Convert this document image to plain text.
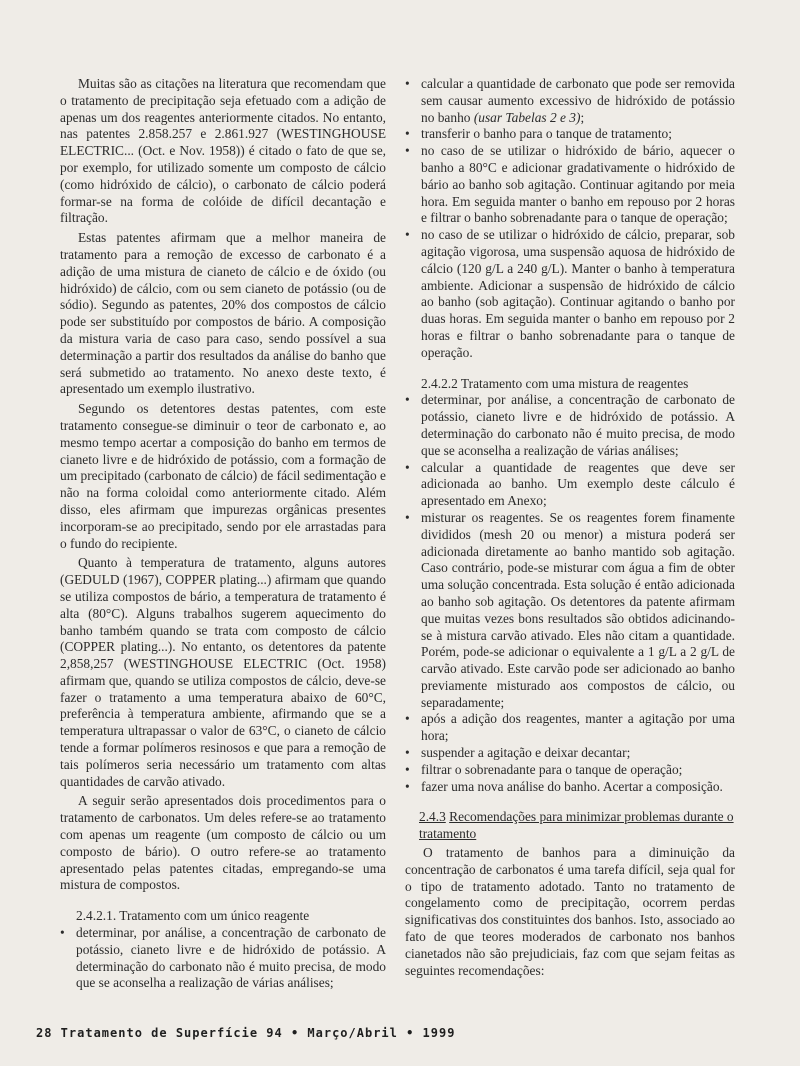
Muitas são as citações na literatura que recomendam que o tratamento de precipitação seja efetuado com a adição de apenas um dos reagentes anteriormente citados. No entanto, nas patentes 2.858.257 e 2.861.927 (WESTINGHOUSE ELECTRIC... (Oct. e Nov. 1958)) é citado o fato de que se, por exemplo, for utilizado somente um composto de cálcio (como hidróxido de cálcio), o carbonato de cálcio poderá formar-se na forma de colóide de difícil decantação e filtração.

Estas patentes afirmam que a melhor maneira de tratamento para a remoção de excesso de carbonato é a adição de uma mistura de cianeto de cálcio e de óxido (ou hidróxido) de cálcio, com ou sem cianeto de potássio (ou de sódio). Segundo as patentes, 20% dos compostos de cálcio pode ser substituído por compostos de bário. A composição da mistura varia de caso para caso, sendo possível a sua determinação a partir dos resultados da análise do banho que será submetido ao tratamento. No anexo deste texto, é apresentado um exemplo ilustrativo.

Segundo os detentores destas patentes, com este tratamento consegue-se diminuir o teor de carbonato e, ao mesmo tempo acertar a composição do banho em termos de cianeto livre e de hidróxido de potássio, com a formação de um precipitado (carbonato de cálcio) de fácil sedimentação e não na forma coloidal como anteriormente citado. Além disso, eles afirmam que impurezas orgânicas presentes incorporam-se ao precipitado, sendo por ele arrastadas para o fundo do recipiente.

Quanto à temperatura de tratamento, alguns autores (GEDULD (1967), COPPER plating...) afirmam que quando se utiliza compostos de bário, a temperatura de tratamento é alta (80°C). Alguns trabalhos sugerem aquecimento do banho também quando se trata com composto de cálcio (COPPER plating...). No entanto, os detentores da patente 2,858,257 (WESTINGHOUSE ELECTRIC (Oct. 1958) afirmam que, quando se utiliza compostos de cálcio, deve-se fazer o tratamento a uma temperatura abaixo de 60°C, preferência à temperatura ambiente, afirmando que se a temperatura ultrapassar o valor de 63°C, o cianeto de cálcio tende a formar polímeros resinosos e que para a remoção de tais polímeros seria necessário um tratamento com altas quantidades de carvão ativado.

A seguir serão apresentados dois procedimentos para o tratamento de carbonatos. Um deles refere-se ao tratamento com apenas um reagente (um composto de cálcio ou um composto de bário). O outro refere-se ao tratamento apresentado pelas patentes citadas, empregando-se uma mistura de compostos.

2.4.2.1. Tratamento com um único reagente
• determinar, por análise, a concentração de carbonato de potássio, cianeto livre e de hidróxido de potássio. A determinação do carbonato não é muito precisa, de modo que se aconselha a realização de várias análises;
• calcular a quantidade de carbonato que pode ser removida sem causar aumento excessivo de hidróxido de potássio no banho (usar Tabelas 2 e 3);
• transferir o banho para o tanque de tratamento;
• no caso de se utilizar o hidróxido de bário, aquecer o banho a 80°C e adicionar gradativamente o hidróxido de bário ao banho sob agitação. Continuar agitando por meia hora. Em seguida manter o banho em repouso por 2 horas e filtrar o banho sobrenadante para o tanque de operação;
• no caso de se utilizar o hidróxido de cálcio, preparar, sob agitação vigorosa, uma suspensão aquosa de hidróxido de cálcio (120 g/L a 240 g/L). Manter o banho à temperatura ambiente. Adicionar a suspensão de hidróxido de cálcio ao banho (sob agitação). Continuar agitando o banho por duas horas. Em seguida manter o banho em repouso por 2 horas e filtrar o banho sobrenadante para o tanque de operação.
2.4.2.2 Tratamento com uma mistura de reagentes
• determinar, por análise, a concentração de carbonato de potássio, cianeto livre e de hidróxido de potássio. A determinação do carbonato não é muito precisa, de modo que se aconselha a realização de várias análises;
• calcular a quantidade de reagentes que deve ser adicionada ao banho. Um exemplo deste cálculo é apresentado em Anexo;
• misturar os reagentes. Se os reagentes forem finamente divididos (mesh 20 ou menor) a mistura poderá ser adicionada diretamente ao banho mantido sob agitação. Caso contrário, pode-se misturar com água a fim de obter uma solução concentrada. Esta solução é então adicionada ao banho sob agitação. Os detentores da patente afirmam que muitas vezes bons resultados são obtidos adicinando-se à mistura carvão ativado. Eles não citam a quantidade. Porém, pode-se adicionar o equivalente a 1 g/L a 2 g/L de carvão ativado. Este carvão pode ser adicionado ao banho previamente misturado aos compostos de cálcio, ou separadamente;
• após a adição dos reagentes, manter a agitação por uma hora;
• suspender a agitação e deixar decantar;
• filtrar o sobrenadante para o tanque de operação;
• fazer uma nova análise do banho. Acertar a composição.
2.4.3 Recomendações para minimizar problemas durante o tratamento

O tratamento de banhos para a diminuição da concentração de carbonatos é uma tarefa difícil, seja qual for o tipo de tratamento adotado. Tanto no tratamento de congelamento como de precipitação, ocorrem perdas significativas dos constituintes dos banhos. Isto, associado ao fato de que teores moderados de carbonato nos banhos cianetados não são prejudiciais, faz com que sejam feitas as seguintes recomendações:

28 Tratamento de Superfície 94 • Março/Abril • 1999
